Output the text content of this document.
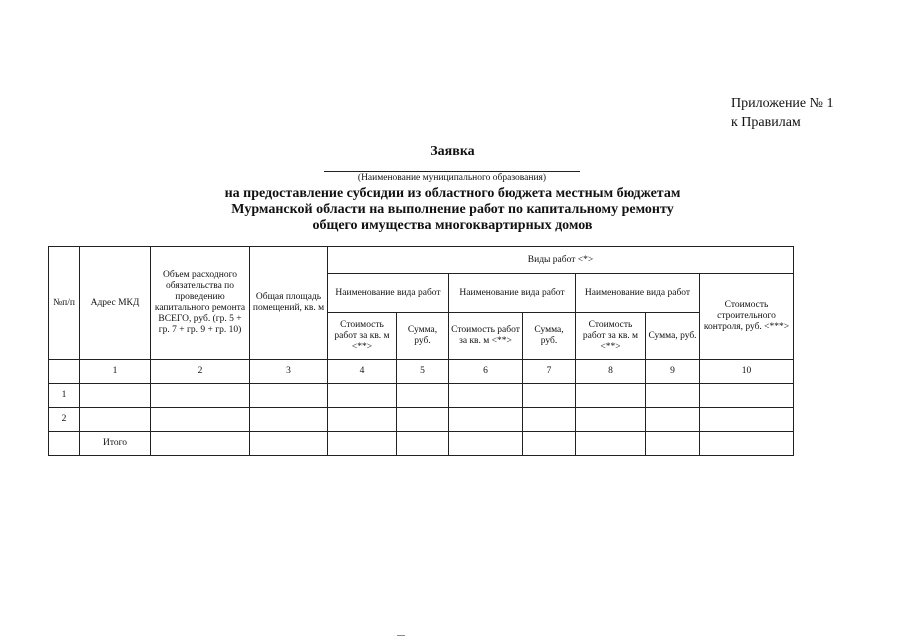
Приложение № 1
к Правилам
Заявка
(Наименование муниципального образования)
на предоставление субсидии из областного бюджета местным бюджетам
Мурманской области на выполнение работ по капитальному ремонту
общего имущества многоквартирных домов
№п/п	Адрес МКД	Объем расходного обязательства по проведению капитального ремонта ВСЕГО, руб. (гр. 5 + гр. 7 + гр. 9 + гр. 10)	Общая площадь помещений, кв. м	Виды работ <*>						
				Наименование вида работ		Наименование вида работ		Наименование вида работ		Стоимость строительного контроля, руб. <***>
				Стоимость работ за кв. м <**>	Сумма, руб.	Стоимость работ за кв. м <**>	Сумма, руб.	Стоимость работ за кв. м <**>	Сумма, руб.	
	1	2	3	4	5	6	7	8	9	10
1										
2										
	Итого									
